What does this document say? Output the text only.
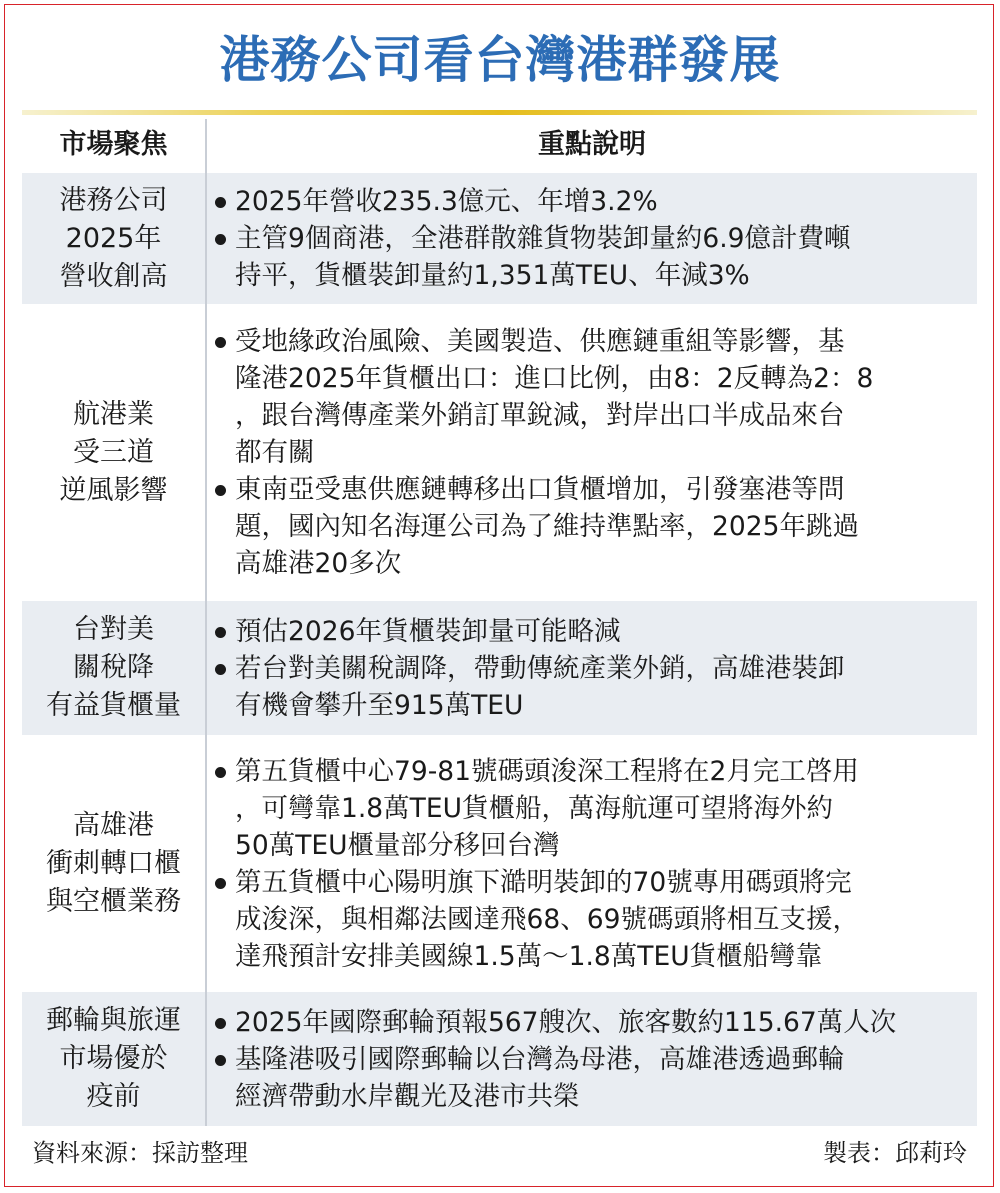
港務公司看台灣港群發展
市場聚焦	重點說明
港務公司
2025年
營收創高
2025年營收235.3億元、年增3.2%
主管9個商港，全港群散雜貨物裝卸量約6.9億計費噸
持平，貨櫃裝卸量約1,351萬TEU、年減3%
航港業
受三道
逆風影響
受地緣政治風險、美國製造、供應鏈重組等影響，基
隆港2025年貨櫃出口：進口比例，由8：2反轉為2：8
，跟台灣傳產業外銷訂單銳減，對岸出口半成品來台
都有關
東南亞受惠供應鏈轉移出口貨櫃增加，引發塞港等問
題，國內知名海運公司為了維持準點率，2025年跳過
高雄港20多次
台對美
關稅降
有益貨櫃量
預估2026年貨櫃裝卸量可能略減
若台對美關稅調降，帶動傳統產業外銷，高雄港裝卸
有機會攀升至915萬TEU
高雄港
衝刺轉口櫃
與空櫃業務
第五貨櫃中心79-81號碼頭浚深工程將在2月完工啓用
，可彎靠1.8萬TEU貨櫃船，萬海航運可望將海外約
50萬TEU櫃量部分移回台灣
第五貨櫃中心陽明旗下澔明裝卸的70號專用碼頭將完
成浚深，與相鄰法國達飛68、69號碼頭將相互支援，
達飛預計安排美國線1.5萬～1.8萬TEU貨櫃船彎靠
郵輪與旅運
市場優於
疫前
2025年國際郵輪預報567艘次、旅客數約115.67萬人次
基隆港吸引國際郵輪以台灣為母港，高雄港透過郵輪
經濟帶動水岸觀光及港市共榮
資料來源：採訪整理	製表：邱莉玲
